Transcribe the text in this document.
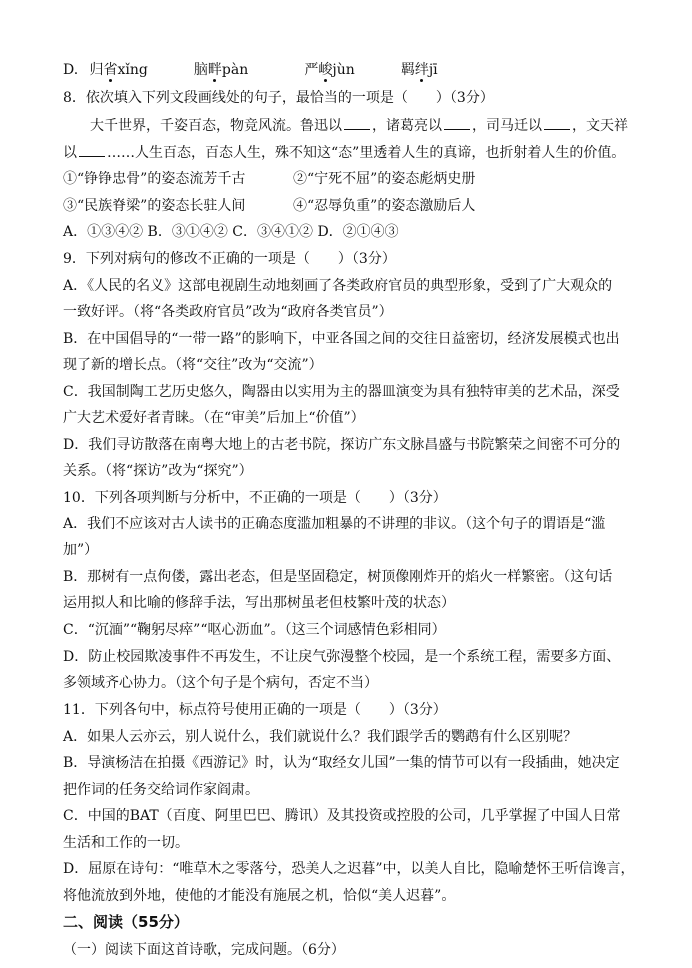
D. 归省xǐng	脑畔pàn	严峻jùn	羁绊jī
8．依次填入下列文段画线处的句子，最恰当的一项是（　　）（3分）
大千世界，千姿百态，物竞风流。鲁迅以 ，诸葛亮以 ，司马迁以 ，文天祥
以 ……人生百态，百态人生，殊不知这“态”里透着人生的真谛，也折射着人生的价值。
①“铮铮忠骨”的姿态流芳千古	②“宁死不屈”的姿态彪炳史册
③“民族脊梁”的姿态长驻人间	④“忍辱负重”的姿态激励后人
A．①③④② B．③①④② C．③④①② D．②①④③
9．下列对病句的修改不正确的一项是（　　）（3分）
A．《人民的名义》这部电视剧生动地刻画了各类政府官员的典型形象，受到了广大观众的
一致好评。（将“各类政府官员”改为“政府各类官员”）
B．在中国倡导的“一带一路”的影响下，中亚各国之间的交往日益密切，经济发展模式也出
现了新的增长点。（将“交往”改为“交流”）
C．我国制陶工艺历史悠久，陶器由以实用为主的器皿演变为具有独特审美的艺术品，深受
广大艺术爱好者青睐。（在“审美”后加上“价值”）
D．我们寻访散落在南粤大地上的古老书院，探访广东文脉昌盛与书院繁荣之间密不可分的
关系。（将“探访”改为“探究”）
10．下列各项判断与分析中，不正确的一项是（　　）（3分）
A．我们不应该对古人读书的正确态度滥加粗暴的不讲理的非议。（这个句子的谓语是“滥
加”）
B．那树有一点佝偻，露出老态，但是坚固稳定，树顶像刚炸开的焰火一样繁密。（这句话
运用拟人和比喻的修辞手法，写出那树虽老但枝繁叶茂的状态）
C．“沉湎”“鞠躬尽瘁”“呕心沥血”。（这三个词感情色彩相同）
D．防止校园欺凌事件不再发生，不让戾气弥漫整个校园，是一个系统工程，需要多方面、
多领域齐心协力。（这个句子是个病句，否定不当）
11．下列各句中，标点符号使用正确的一项是（　　）（3分）
A．如果人云亦云，别人说什么，我们就说什么？我们跟学舌的鹦鹉有什么区别呢？
B．导演杨洁在拍摄《西游记》时，认为“取经女儿国”一集的情节可以有一段插曲，她决定
把作词的任务交给词作家阎肃。
C．中国的BAT（百度、阿里巴巴、腾讯）及其投资或控股的公司，几乎掌握了中国人日常
生活和工作的一切。
D．屈原在诗句：“唯草木之零落兮，恐美人之迟暮”中，以美人自比，隐喻楚怀王听信谗言，
将他流放到外地，使他的才能没有施展之机，恰似“美人迟暮”。
二、阅读（55分）
（一）阅读下面这首诗歌，完成问题。（6分）
